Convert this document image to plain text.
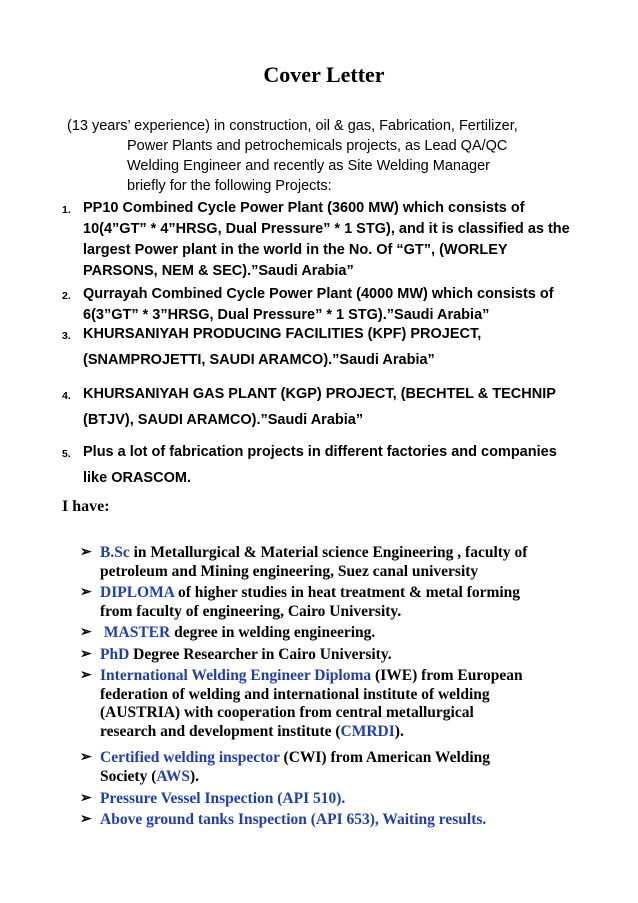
Cover Letter
(13 years’ experience) in construction, oil & gas, Fabrication, Fertilizer,
Power Plants and petrochemicals projects, as Lead QA/QC
Welding Engineer and recently as Site Welding Manager
briefly for the following Projects:
1. PP10 Combined Cycle Power Plant (3600 MW) which consists of
10(4”GT” * 4”HRSG, Dual Pressure” * 1 STG), and it is classified as the
largest Power plant in the world in the No. Of “GT”, (WORLEY
PARSONS, NEM & SEC).”Saudi Arabia”
2. Qurrayah Combined Cycle Power Plant (4000 MW) which consists of
6(3”GT” * 3”HRSG, Dual Pressure” * 1 STG).”Saudi Arabia”
3. KHURSANIYAH PRODUCING FACILITIES (KPF) PROJECT,
(SNAMPROJETTI, SAUDI ARAMCO).”Saudi Arabia”
4. KHURSANIYAH GAS PLANT (KGP) PROJECT, (BECHTEL & TECHNIP
(BTJV), SAUDI ARAMCO).”Saudi Arabia”
5. Plus a lot of fabrication projects in different factories and companies
like ORASCOM.
I have:
➢ B.Sc in Metallurgical & Material science Engineering , faculty of
petroleum and Mining engineering, Suez canal university
➢ DIPLOMA of higher studies in heat treatment & metal forming
from faculty of engineering, Cairo University.
➢ MASTER degree in welding engineering.
➢ PhD Degree Researcher in Cairo University.
➢ International Welding Engineer Diploma (IWE) from European
federation of welding and international institute of welding
(AUSTRIA) with cooperation from central metallurgical
research and development institute (CMRDI).
➢ Certified welding inspector (CWI) from American Welding
Society (AWS).
➢ Pressure Vessel Inspection (API 510).
➢ Above ground tanks Inspection (API 653), Waiting results.
